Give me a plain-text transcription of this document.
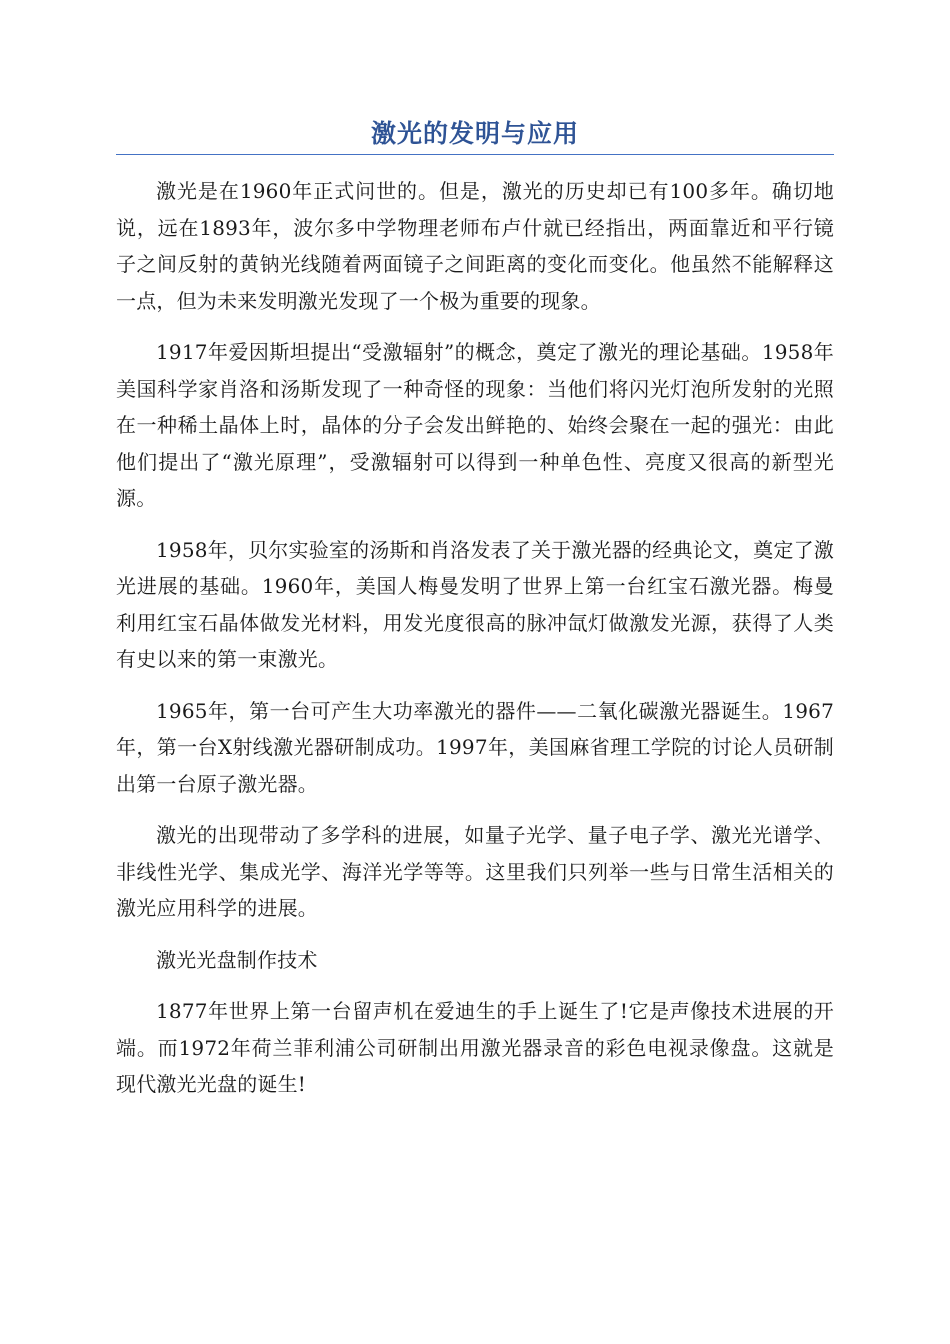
激光的发明与应用

激光是在1960年正式问世的。但是，激光的历史却已有100多年。确切地说，远在1893年，波尔多中学物理老师布卢什就已经指出，两面靠近和平行镜子之间反射的黄钠光线随着两面镜子之间距离的变化而变化。他虽然不能解释这一点，但为未来发明激光发现了一个极为重要的现象。

1917年爱因斯坦提出“受激辐射”的概念，奠定了激光的理论基础。1958年美国科学家肖洛和汤斯发现了一种奇怪的现象：当他们将闪光灯泡所发射的光照在一种稀土晶体上时，晶体的分子会发出鲜艳的、始终会聚在一起的强光：由此他们提出了“激光原理”，受激辐射可以得到一种单色性、亮度又很高的新型光源。

1958年，贝尔实验室的汤斯和肖洛发表了关于激光器的经典论文，奠定了激光进展的基础。1960年，美国人梅曼发明了世界上第一台红宝石激光器。梅曼利用红宝石晶体做发光材料，用发光度很高的脉冲氙灯做激发光源，获得了人类有史以来的第一束激光。

1965年，第一台可产生大功率激光的器件——二氧化碳激光器诞生。1967年，第一台X射线激光器研制成功。1997年，美国麻省理工学院的讨论人员研制出第一台原子激光器。

激光的出现带动了多学科的进展，如量子光学、量子电子学、激光光谱学、非线性光学、集成光学、海洋光学等等。这里我们只列举一些与日常生活相关的激光应用科学的进展。

激光光盘制作技术

1877年世界上第一台留声机在爱迪生的手上诞生了!它是声像技术进展的开端。而1972年荷兰菲利浦公司研制出用激光器录音的彩色电视录像盘。这就是现代激光光盘的诞生!
